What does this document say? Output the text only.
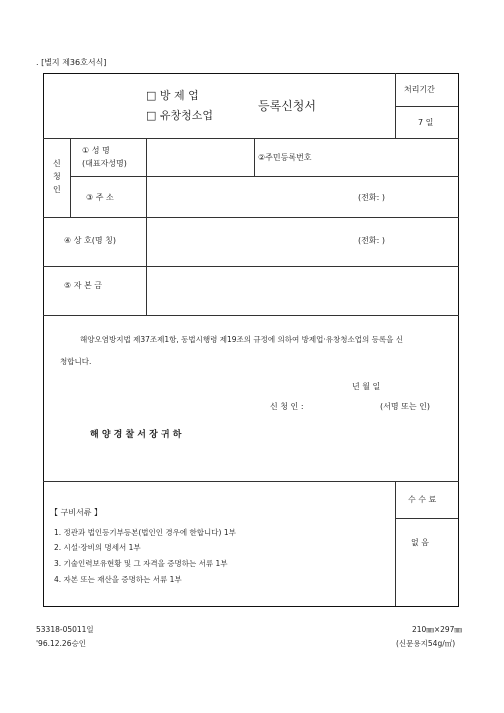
. [별지 제36호서식]
□ 방 제 업
□ 유창청소업
등록신청서
처리기간
7 일
신
청
인
① 성 명
(대표자성명)
②주민등록번호
③ 주 소	(전화: )
④ 상 호(명 칭)	(전화: )
⑤ 자 본 금
해양오염방지법 제37조제1항, 동법시행령 제19조의 규정에 의하여 방제업·유창청소업의 등록을 신
청합니다.
년 월 일
신 청 인 :	(서명 또는 인)
해 양 경 찰 서 장 귀 하
【 구비서류 】
1. 정관과 법인등기부등본(법인인 경우에 한합니다) 1부
2. 시설·장비의 명세서 1부
3. 기술인력보유현황 및 그 자격을 증명하는 서류 1부
4. 자본 또는 재산을 증명하는 서류 1부
수 수 료
없 음
53318-05011일
'96.12.26승인
210㎜×297㎜
(신문용지54g/㎡)
